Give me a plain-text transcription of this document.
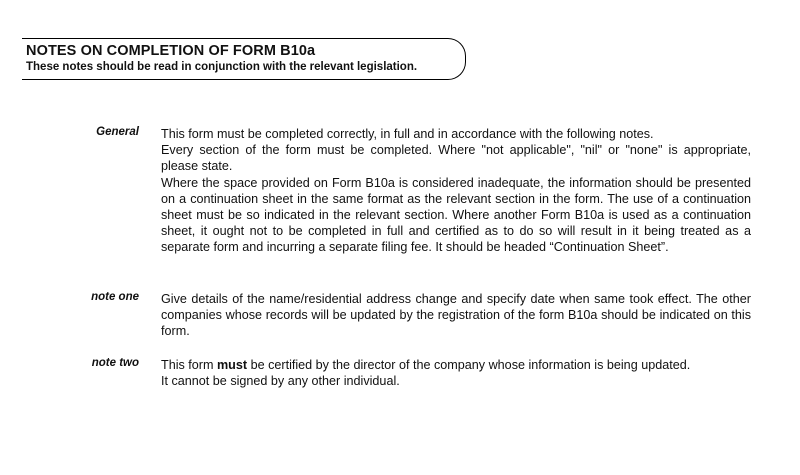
NOTES ON COMPLETION OF FORM B10a
These notes should be read in conjunction with the relevant legislation.
General This form must be completed correctly, in full and in accordance with the following notes.

Every section of the form must be completed. Where "not applicable", "nil" or "none" is appropriate, please state.

Where the space provided on Form B10a is considered inadequate, the information should be presented on a continuation sheet in the same format as the relevant section in the form. The use of a continuation sheet must be so indicated in the relevant section. Where another Form B10a is used as a continuation sheet, it ought not to be completed in full and certified as to do so will result in it being treated as a separate form and incurring a separate filing fee. It should be headed “Continuation Sheet”.

note one Give details of the name/residential address change and specify date when same took effect. The other companies whose records will be updated by the registration of the form B10a should be indicated on this form.

note two This form must be certified by the director of the company whose information is being updated.

It cannot be signed by any other individual.
